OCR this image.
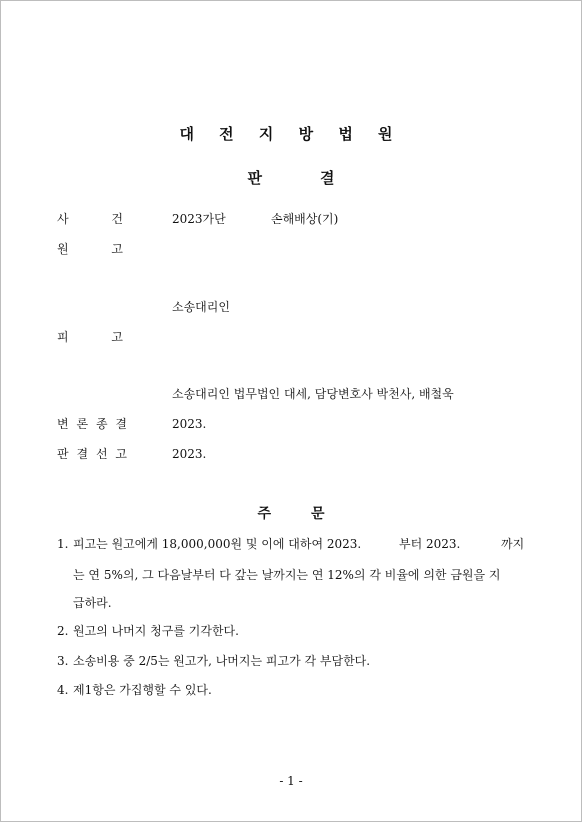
대 전 지 방 법 원
판	결
사	건	2023가단	손해배상(기)
원	고
소송대리인
피	고
소송대리인 법무법인 대세, 담당변호사 박천사, 배철욱
변 론 종 결	2023.
판 결 선 고	2023.
주	문
1. 피고는 원고에게 18,000,000원 및 이에 대하여 2023.	부터 2023.	까지
는 연 5%의, 그 다음날부터 다 갚는 날까지는 연 12%의 각 비율에 의한 금원을 지
급하라.
2. 원고의 나머지 청구를 기각한다.
3. 소송비용 중 2/5는 원고가, 나머지는 피고가 각 부담한다.
4. 제1항은 가집행할 수 있다.
- 1 -
